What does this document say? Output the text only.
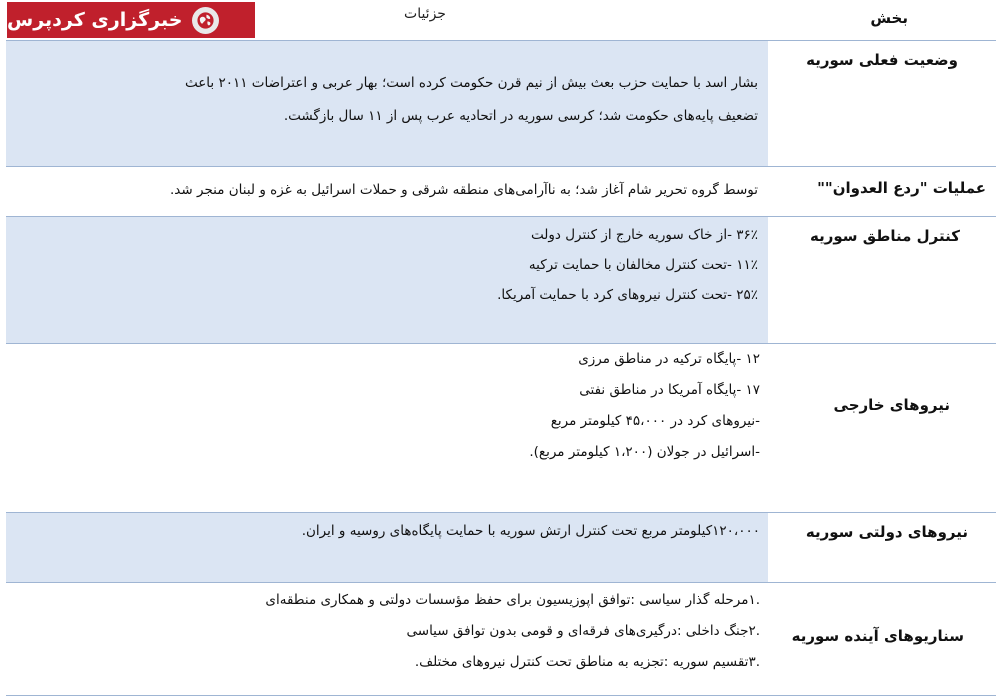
خبرگزاری کردپرس	جزئیات	بخش
وضعیت فعلی سوریه
بشار اسد با حمایت حزب بعث بیش از نیم قرن حکومت کرده است؛ بهار عربی و اعتراضات ۲۰۱۱ باعث
تضعیف پایه‌های حکومت شد؛ کرسی سوریه در اتحادیه عرب پس از ۱۱ سال بازگشت.
عملیات "ردع العدوان""
توسط گروه تحریر شام آغاز شد؛ به ناآرامی‌های منطقه شرقی و حملات اسرائیل به غزه و لبنان منجر شد.
کنترل مناطق سوریه
۳۶٪ -از خاک سوریه خارج از کنترل دولت
۱۱٪ -تحت کنترل مخالفان با حمایت ترکیه
۲۵٪ -تحت کنترل نیروهای کرد با حمایت آمریکا.
نیروهای خارجی
۱۲ -پایگاه ترکیه در مناطق مرزی
۱۷ -پایگاه آمریکا در مناطق نفتی
-نیروهای کرد در ۴۵،۰۰۰ کیلومتر مربع
-اسرائیل در جولان (۱،۲۰۰ کیلومتر مربع).
نیروهای دولتی سوریه
۱۲۰،۰۰۰کیلومتر مربع تحت کنترل ارتش سوریه با حمایت پایگاه‌های روسیه و ایران.
سناریوهای آینده سوریه
.۱مرحله گذار سیاسی :توافق اپوزیسیون برای حفظ مؤسسات دولتی و همکاری منطقه‌ای
.۲جنگ داخلی :درگیری‌های فرقه‌ای و قومی بدون توافق سیاسی
.۳تقسیم سوریه :تجزیه به مناطق تحت کنترل نیروهای مختلف.
